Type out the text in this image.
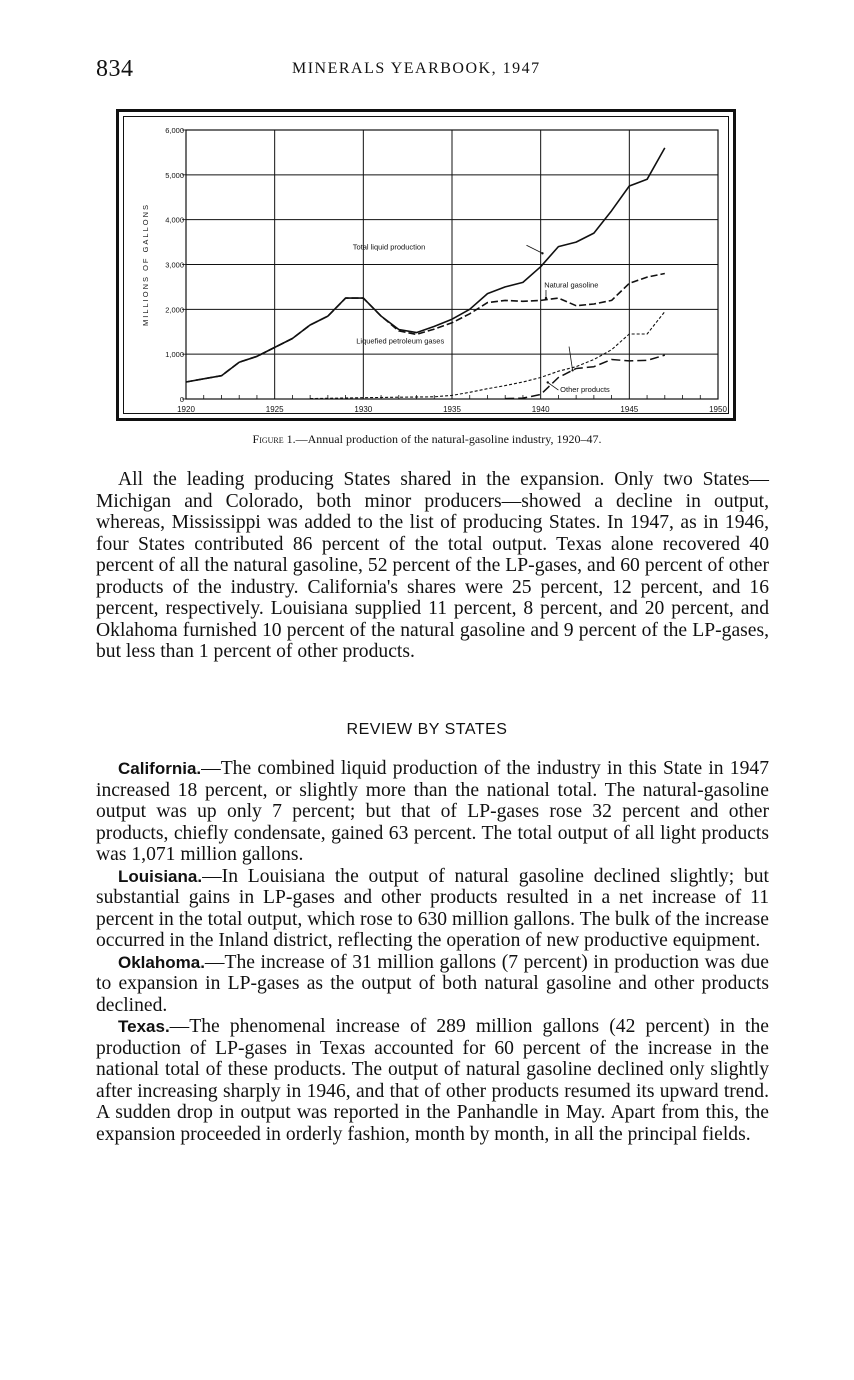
834	MINERALS YEARBOOK, 1947
1920	1925	1930	1935	1940	1945	1950
0
1,000
2,000
3,000
4,000
5,000
6,000
MILLIONS OF GALLONS	Total liquid production
Natural gasoline
Liquefied petroleum gases
Other products
Figure 1.—Annual production of the natural-gasoline industry, 1920–47.

All the leading producing States shared in the expansion. Only two States—Michigan and Colorado, both minor producers—showed a decline in output, whereas, Mississippi was added to the list of producing States. In 1947, as in 1946, four States contributed 86 percent of the total output. Texas alone recovered 40 percent of all the natural gasoline, 52 percent of the LP-gases, and 60 percent of other products of the industry. California's shares were 25 percent, 12 percent, and 16 percent, respectively. Louisiana supplied 11 percent, 8 percent, and 20 percent, and Oklahoma furnished 10 percent of the natural gasoline and 9 percent of the LP-gases, but less than 1 percent of other products.

REVIEW BY STATES

California.—The combined liquid production of the industry in this State in 1947 increased 18 percent, or slightly more than the national total. The natural-gasoline output was up only 7 percent; but that of LP-gases rose 32 percent and other products, chiefly condensate, gained 63 percent. The total output of all light products was 1,071 million gallons.

Louisiana.—In Louisiana the output of natural gasoline declined slightly; but substantial gains in LP-gases and other products resulted in a net increase of 11 percent in the total output, which rose to 630 million gallons. The bulk of the increase occurred in the Inland district, reflecting the operation of new productive equipment.

Oklahoma.—The increase of 31 million gallons (7 percent) in production was due to expansion in LP-gases as the output of both natural gasoline and other products declined.

Texas.—The phenomenal increase of 289 million gallons (42 percent) in the production of LP-gases in Texas accounted for 60 percent of the increase in the national total of these products. The output of natural gasoline declined only slightly after increasing sharply in 1946, and that of other products resumed its upward trend. A sudden drop in output was reported in the Panhandle in May. Apart from this, the expansion proceeded in orderly fashion, month by month, in all the principal fields.
